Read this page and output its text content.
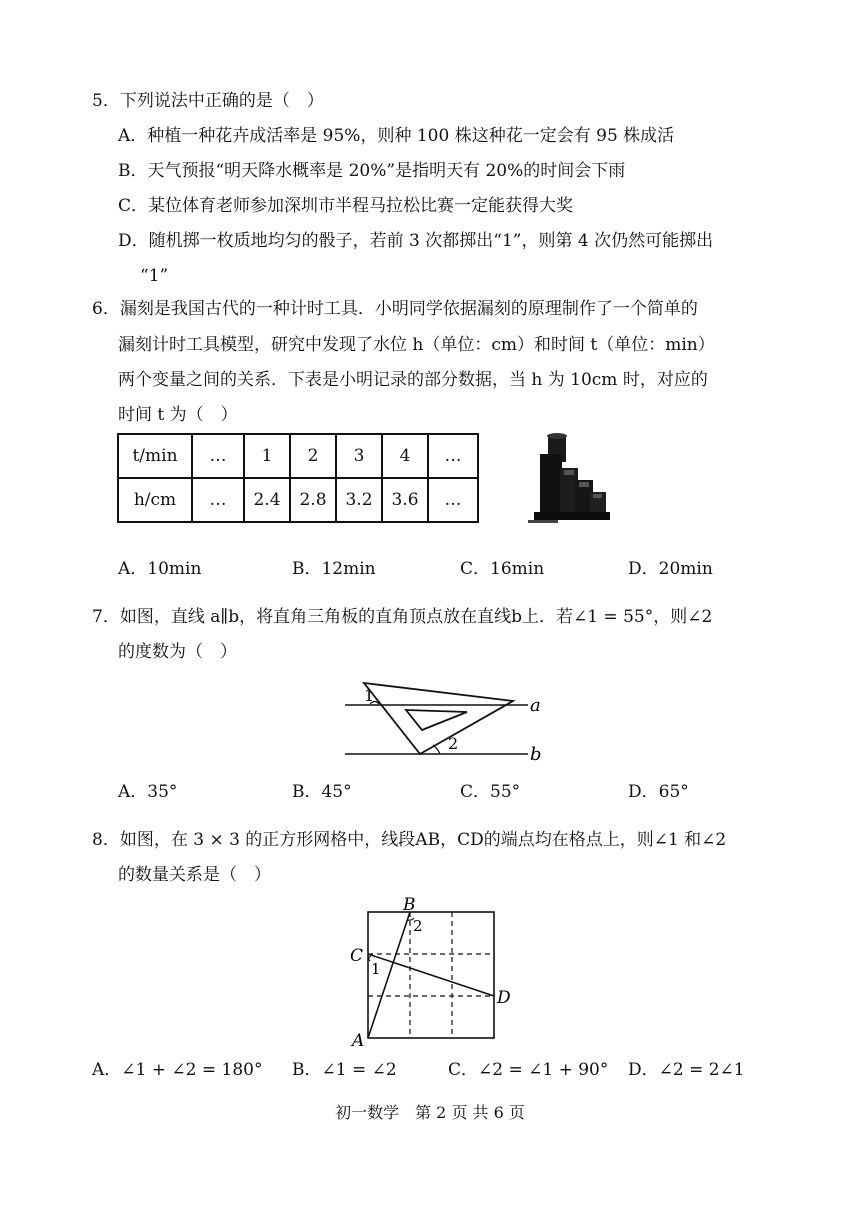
5．下列说法中正确的是（　）
A．种植一种花卉成活率是 95%，则种 100 株这种花一定会有 95 株成活
B．天气预报“明天降水概率是 20%”是指明天有 20%的时间会下雨
C．某位体育老师参加深圳市半程马拉松比赛一定能获得大奖
D．随机掷一枚质地均匀的骰子，若前 3 次都掷出“1”，则第 4 次仍然可能掷出
“1”
6．漏刻是我国古代的一种计时工具．小明同学依据漏刻的原理制作了一个简单的
漏刻计时工具模型，研究中发现了水位 h（单位：cm）和时间 t（单位：min）
两个变量之间的关系．下表是小明记录的部分数据，当 h 为 10cm 时，对应的
时间 t 为（　）
t/min	…	1	2	3	4	…
h/cm	…	2.4	2.8	3.2	3.6	…
A．10min	B．12min	C．16min	D．20min
7．如图，直线 a∥b，将直角三角板的直角顶点放在直线b上．若∠1 = 55°，则∠2
的度数为（　）
1
2
a
b
A．35°	B．45°	C．55°	D．65°
8．如图，在 3 × 3 的正方形网格中，线段AB，CD的端点均在格点上，则∠1 和∠2
的数量关系是（　）
A
B
C
D
1
2
A．∠1 + ∠2 = 180° B．∠1 = ∠2	C．∠2 = ∠1 + 90° D．∠2 = 2∠1
初一数学　第 2 页 共 6 页
